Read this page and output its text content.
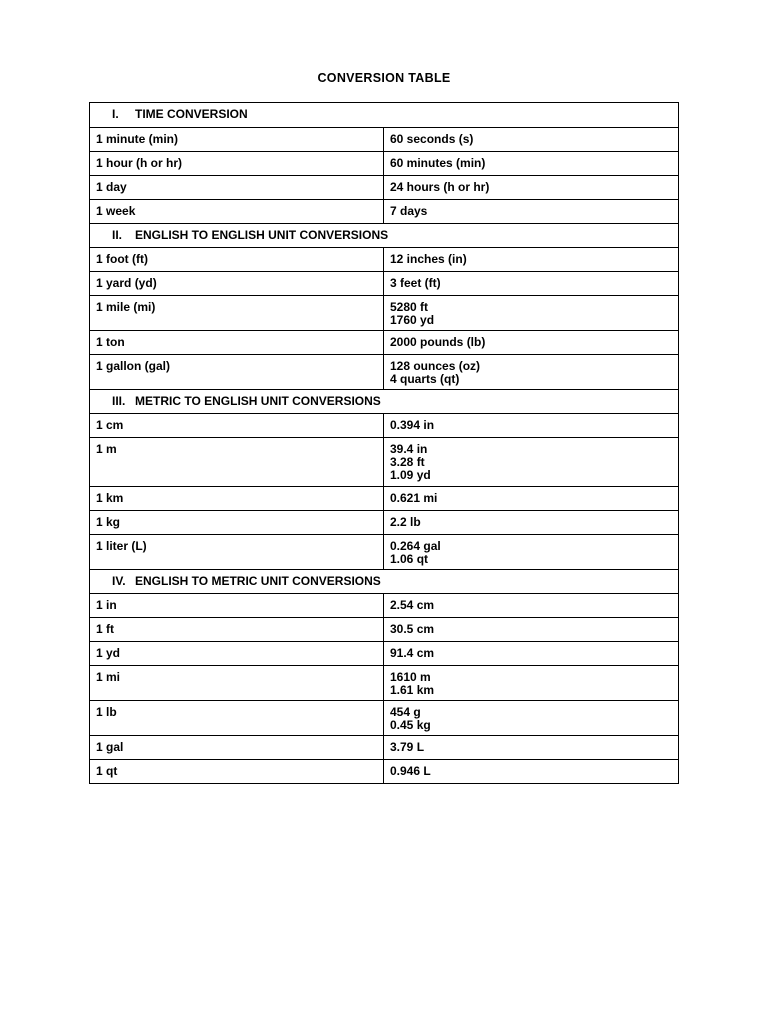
CONVERSION TABLE
I. TIME CONVERSION
1 minute (min)	60 seconds (s)
1 hour (h or hr)	60 minutes (min)
1 day	24 hours (h or hr)
1 week	7 days
II. ENGLISH TO ENGLISH UNIT CONVERSIONS
1 foot (ft)	12 inches (in)
1 yard (yd)	3 feet (ft)
1 mile (mi)	5280 ft
1760 yd
1 ton	2000 pounds (lb)
1 gallon (gal)	128 ounces (oz)
4 quarts (qt)
III. METRIC TO ENGLISH UNIT CONVERSIONS
1 cm	0.394 in
1 m	39.4 in
3.28 ft
1.09 yd
1 km	0.621 mi
1 kg	2.2 lb
1 liter (L)	0.264 gal
1.06 qt
IV. ENGLISH TO METRIC UNIT CONVERSIONS
1 in	2.54 cm
1 ft	30.5 cm
1 yd	91.4 cm
1 mi	1610 m
1.61 km
1 lb	454 g
0.45 kg
1 gal	3.79 L
1 qt	0.946 L
